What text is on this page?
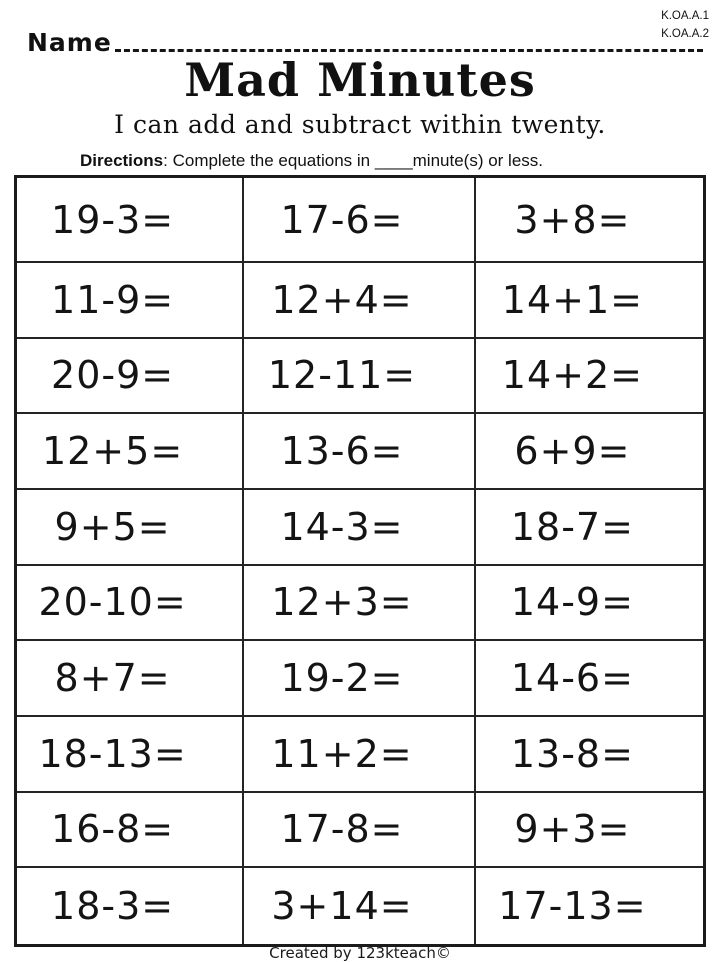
K.OA.A.1
K.OA.A.2
Name
Mad Minutes
I can add and subtract within twenty.
Directions: Complete the equations in ____minute(s) or less.
19-3=	17-6=	3+8=
11-9=	12+4=	14+1=
20-9=	12-11=	14+2=
12+5=	13-6=	6+9=
9+5=	14-3=	18-7=
20-10=	12+3=	14-9=
8+7=	19-2=	14-6=
18-13=	11+2=	13-8=
16-8=	17-8=	9+3=
18-3=	3+14=	17-13=
Created by 123kteach©
